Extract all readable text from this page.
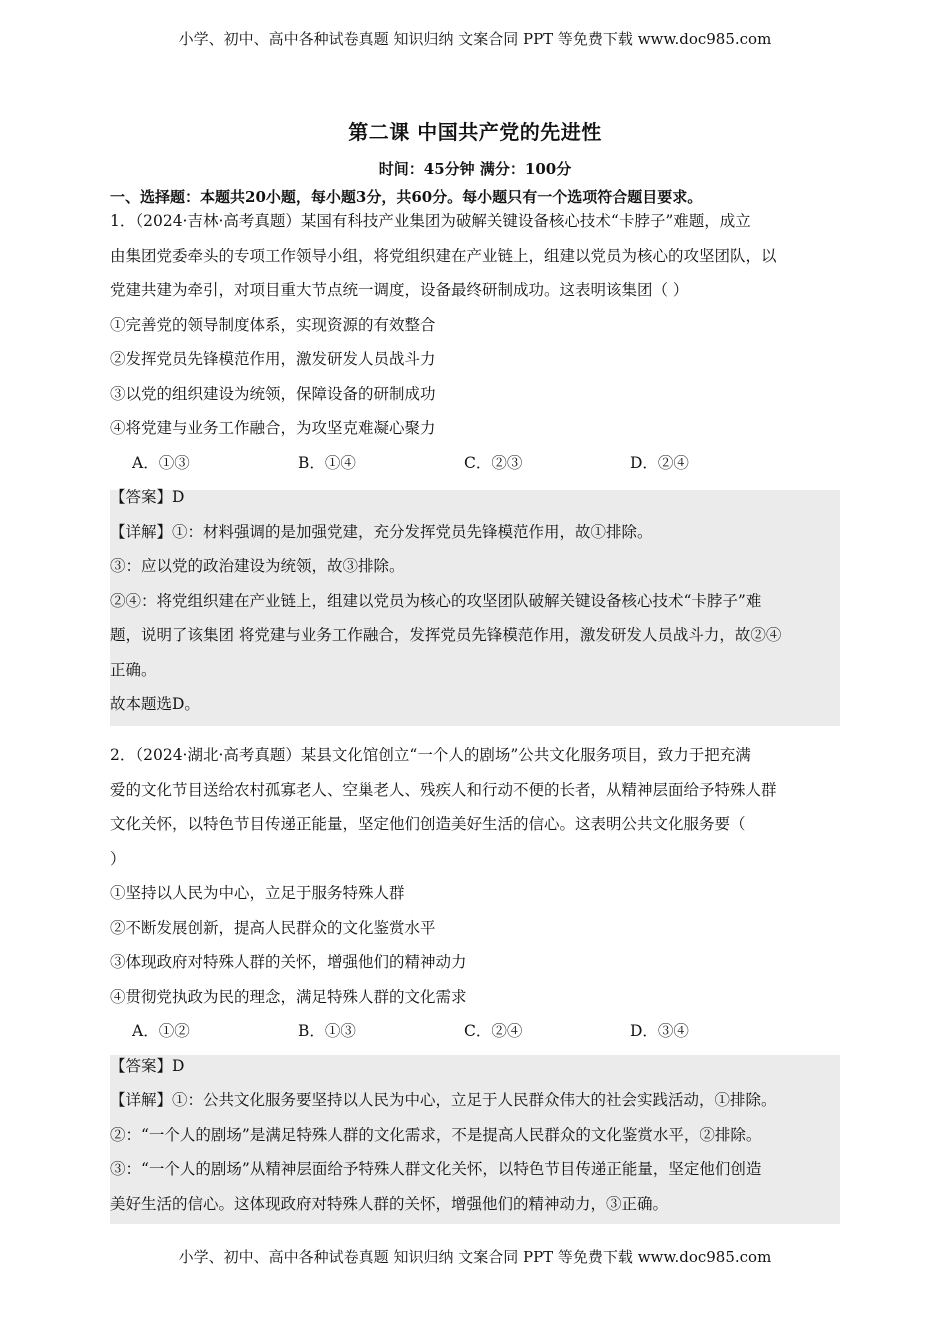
小学、初中、高中各种试卷真题 知识归纳 文案合同 PPT 等免费下载 www.doc985.com
第二课 中国共产党的先进性
时间：45分钟 满分：100分
一、选择题：本题共20小题，每小题3分，共60分。每小题只有一个选项符合题目要求。
1．（2024·吉林·高考真题）某国有科技产业集团为破解关键设备核心技术“卡脖子”难题，成立
由集团党委牵头的专项工作领导小组，将党组织建在产业链上，组建以党员为核心的攻坚团队，以
党建共建为牵引，对项目重大节点统一调度，设备最终研制成功。这表明该集团（ ）
①完善党的领导制度体系，实现资源的有效整合
②发挥党员先锋模范作用，激发研发人员战斗力
③以党的组织建设为统领，保障设备的研制成功
④将党建与业务工作融合，为攻坚克难凝心聚力
A．①③	B．①④	C．②③	D．②④
【答案】D
【详解】①：材料强调的是加强党建，充分发挥党员先锋模范作用，故①排除。
③：应以党的政治建设为统领，故③排除。
②④：将党组织建在产业链上，组建以党员为核心的攻坚团队破解关键设备核心技术“卡脖子”难
题，说明了该集团 将党建与业务工作融合，发挥党员先锋模范作用，激发研发人员战斗力，故②④
正确。
故本题选D。
2．（2024·湖北·高考真题）某县文化馆创立“一个人的剧场”公共文化服务项目，致力于把充满
爱的文化节目送给农村孤寡老人、空巢老人、残疾人和行动不便的长者，从精神层面给予特殊人群
文化关怀，以特色节目传递正能量，坚定他们创造美好生活的信心。这表明公共文化服务要（
）
①坚持以人民为中心，立足于服务特殊人群
②不断发展创新，提高人民群众的文化鉴赏水平
③体现政府对特殊人群的关怀，增强他们的精神动力
④贯彻党执政为民的理念，满足特殊人群的文化需求
A．①②	B．①③	C．②④	D．③④
【答案】D
【详解】①：公共文化服务要坚持以人民为中心，立足于人民群众伟大的社会实践活动，①排除。
②：“一个人的剧场”是满足特殊人群的文化需求，不是提高人民群众的文化鉴赏水平，②排除。
③：“一个人的剧场”从精神层面给予特殊人群文化关怀，以特色节目传递正能量，坚定他们创造
美好生活的信心。这体现政府对特殊人群的关怀，增强他们的精神动力，③正确。
小学、初中、高中各种试卷真题 知识归纳 文案合同 PPT 等免费下载 www.doc985.com
